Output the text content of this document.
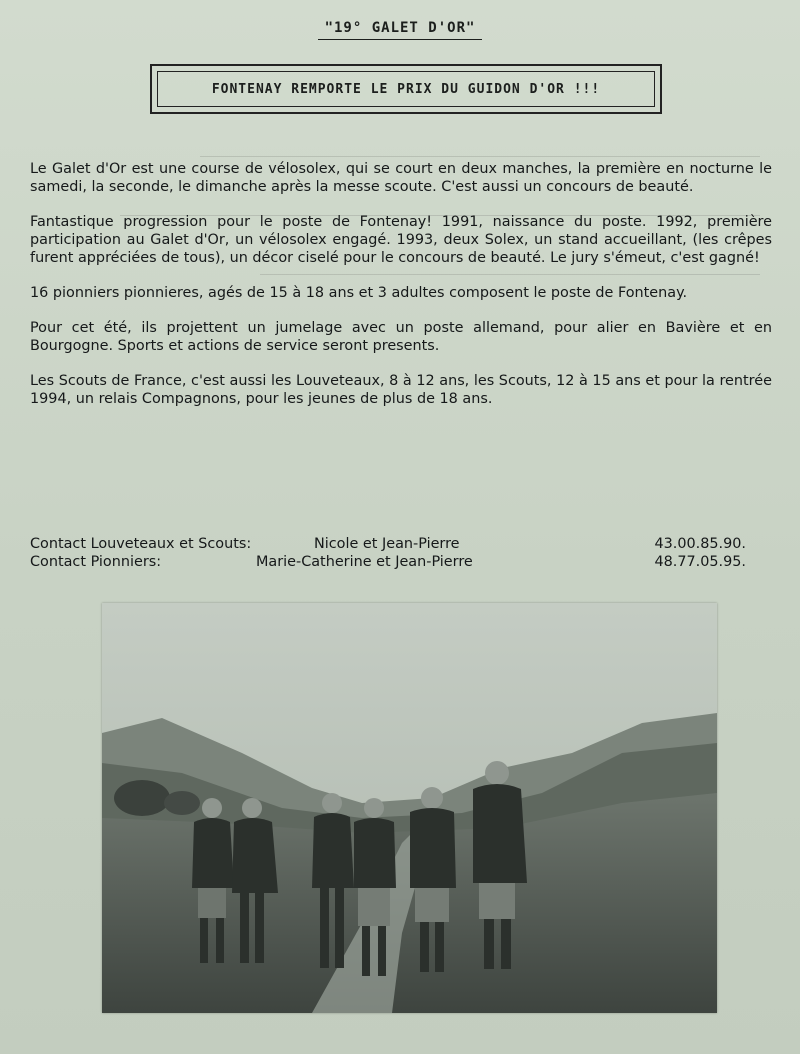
"19° GALET D'OR"
FONTENAY REMPORTE LE PRIX DU GUIDON D'OR !!!

Le Galet d'Or est une course de vélosolex, qui se court en deux manches, la première en nocturne le samedi, la seconde, le dimanche après la messe scoute. C'est aussi un concours de beauté.

Fantastique progression pour le poste de Fontenay! 1991, naissance du poste. 1992, première participation au Galet d'Or, un vélosolex engagé. 1993, deux Solex, un stand accueillant, (les crêpes furent appréciées de tous), un décor ciselé pour le concours de beauté. Le jury s'émeut, c'est gagné!

16 pionniers pionnieres, agés de 15 à 18 ans et 3 adultes composent le poste de Fontenay.

Pour cet été, ils projettent un jumelage avec un poste allemand, pour alier en Bavière et en Bourgogne. Sports et actions de service seront presents.

Les Scouts de France, c'est aussi les Louveteaux, 8 à 12 ans, les Scouts, 12 à 15 ans et pour la rentrée 1994, un relais Compagnons, pour les jeunes de plus de 18 ans.

Contact Louveteaux et Scouts:	Nicole et Jean-Pierre	43.00.85.90.
Contact Pionniers:	Marie-Catherine et Jean-Pierre	48.77.05.95.
